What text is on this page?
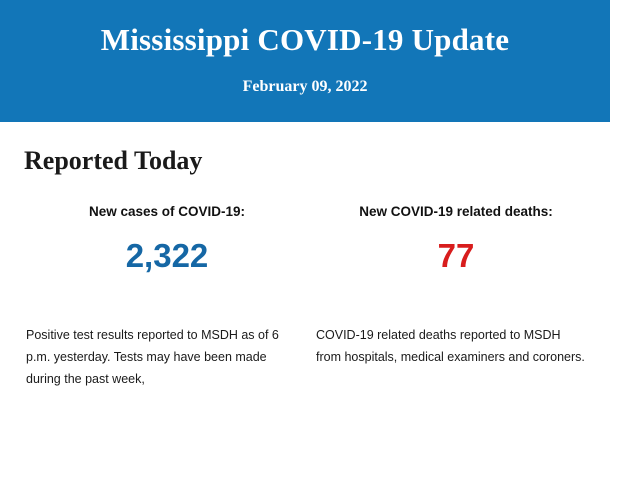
Mississippi COVID-19 Update
February 09, 2022
Reported Today
New cases of COVID-19:
2,322
New COVID-19 related deaths:
77
Positive test results reported to MSDH as of 6 p.m. yesterday. Tests may have been made during the past week,
COVID-19 related deaths reported to MSDH from hospitals, medical examiners and coroners.
